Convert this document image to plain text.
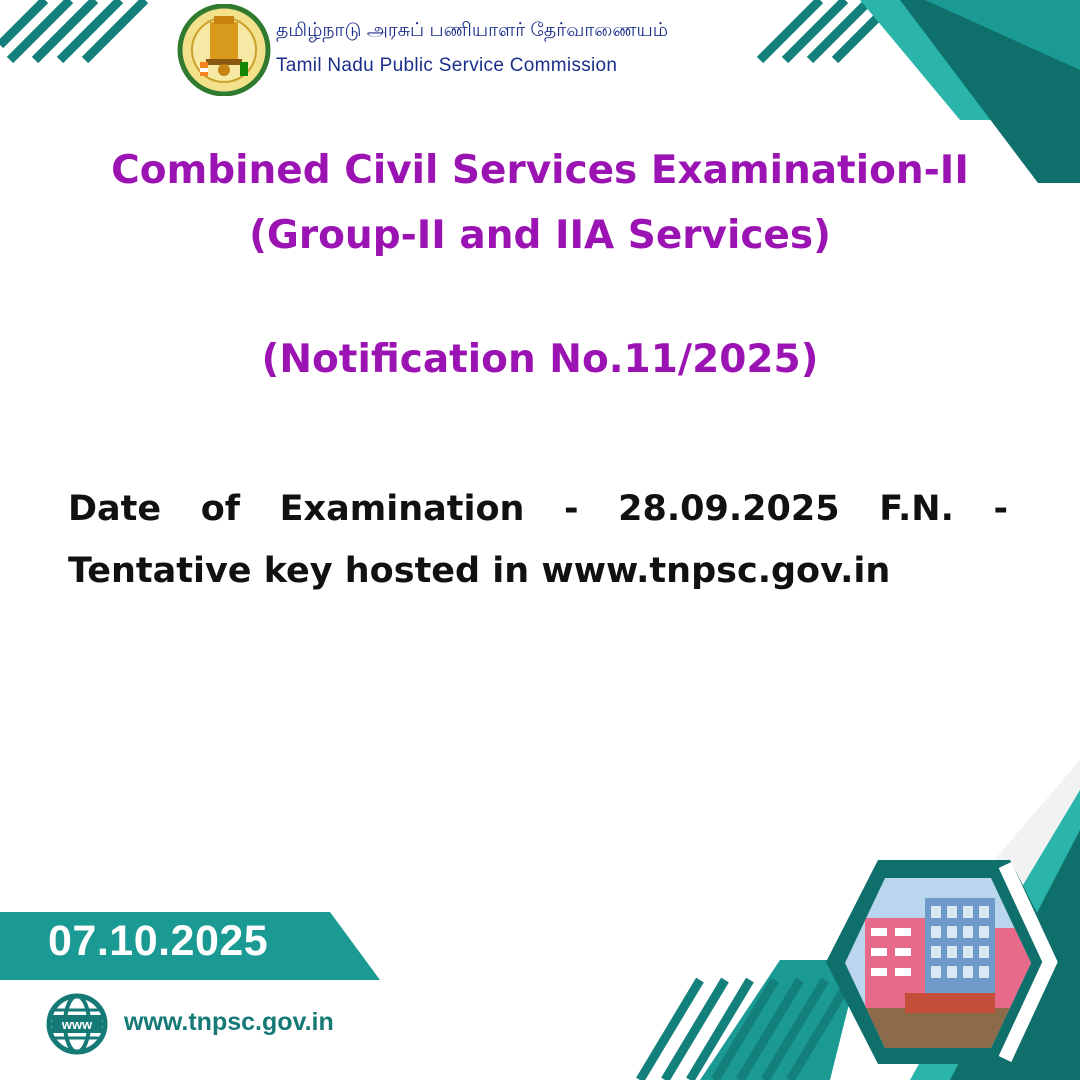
தமிழ்நாடு அரசுப் பணியாளர் தேர்வாணையம்
Tamil Nadu Public Service Commission
Combined Civil Services Examination-II
(Group-II and IIA Services)
(Notification No.11/2025)
Date of Examination - 28.09.2025 F.N. - Tentative key hosted in www.tnpsc.gov.in
07.10.2025
www www.tnpsc.gov.in
